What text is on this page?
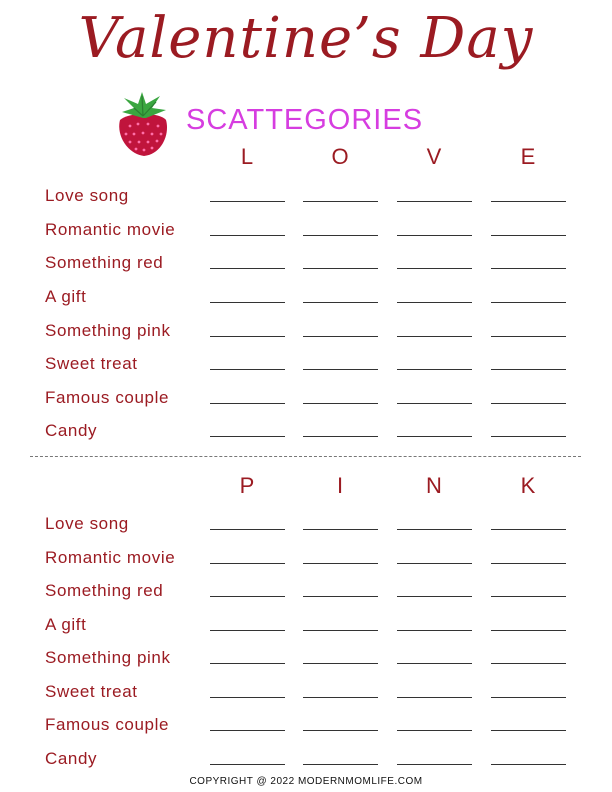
Valentine’s Day
SCATTEGORIES
L	O	V	E
Love song
Romantic movie
Something red
A gift
Something pink
Sweet treat
Famous couple
Candy
P	I	N	K
Love song
Romantic movie
Something red
A gift
Something pink
Sweet treat
Famous couple
Candy
COPYRIGHT @ 2022 MODERNMOMLIFE.COM
